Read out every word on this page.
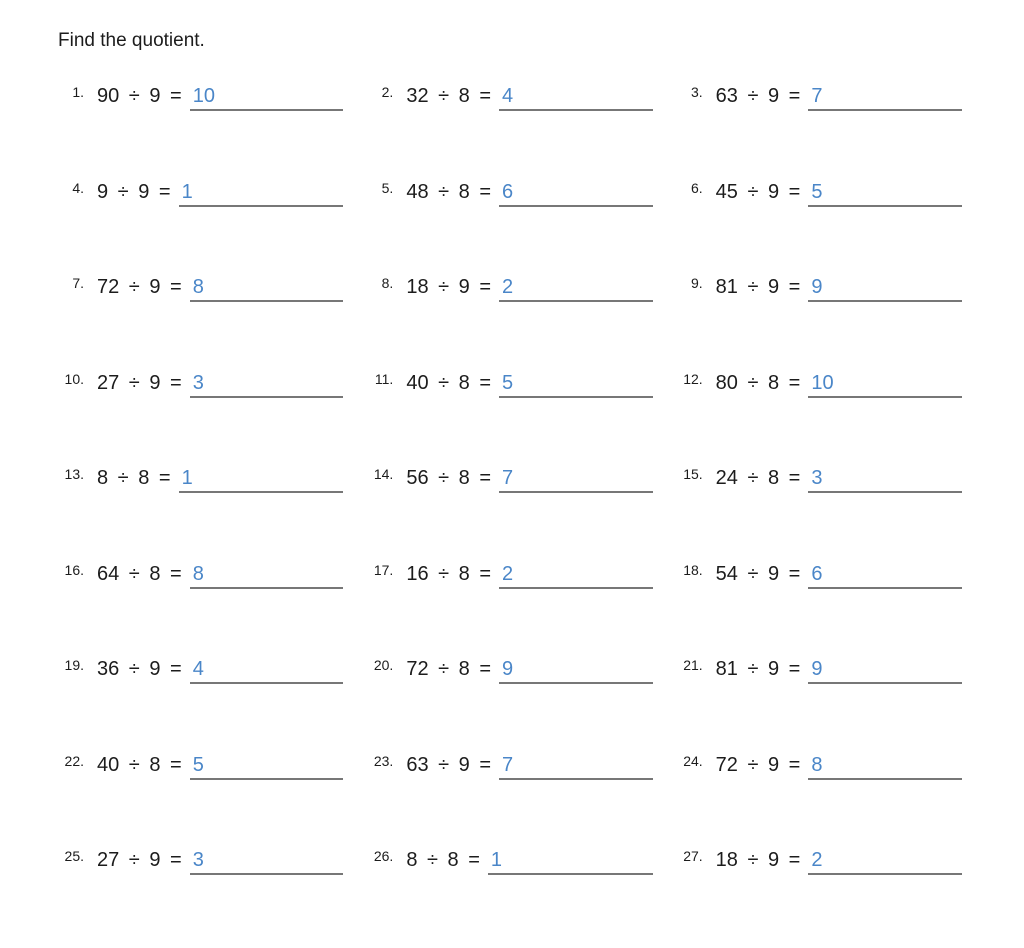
Find the quotient.
1. 90 ÷ 9 = 10	2. 32 ÷ 8 = 4	3. 63 ÷ 9 = 7
4. 9 ÷ 9 = 1	5. 48 ÷ 8 = 6	6. 45 ÷ 9 = 5
7. 72 ÷ 9 = 8	8. 18 ÷ 9 = 2	9. 81 ÷ 9 = 9
10. 27 ÷ 9 = 3	11. 40 ÷ 8 = 5	12. 80 ÷ 8 = 10
13. 8 ÷ 8 = 1	14. 56 ÷ 8 = 7	15. 24 ÷ 8 = 3
16. 64 ÷ 8 = 8	17. 16 ÷ 8 = 2	18. 54 ÷ 9 = 6
19. 36 ÷ 9 = 4	20. 72 ÷ 8 = 9	21. 81 ÷ 9 = 9
22. 40 ÷ 8 = 5	23. 63 ÷ 9 = 7	24. 72 ÷ 9 = 8
25. 27 ÷ 9 = 3	26. 8 ÷ 8 = 1	27. 18 ÷ 9 = 2
